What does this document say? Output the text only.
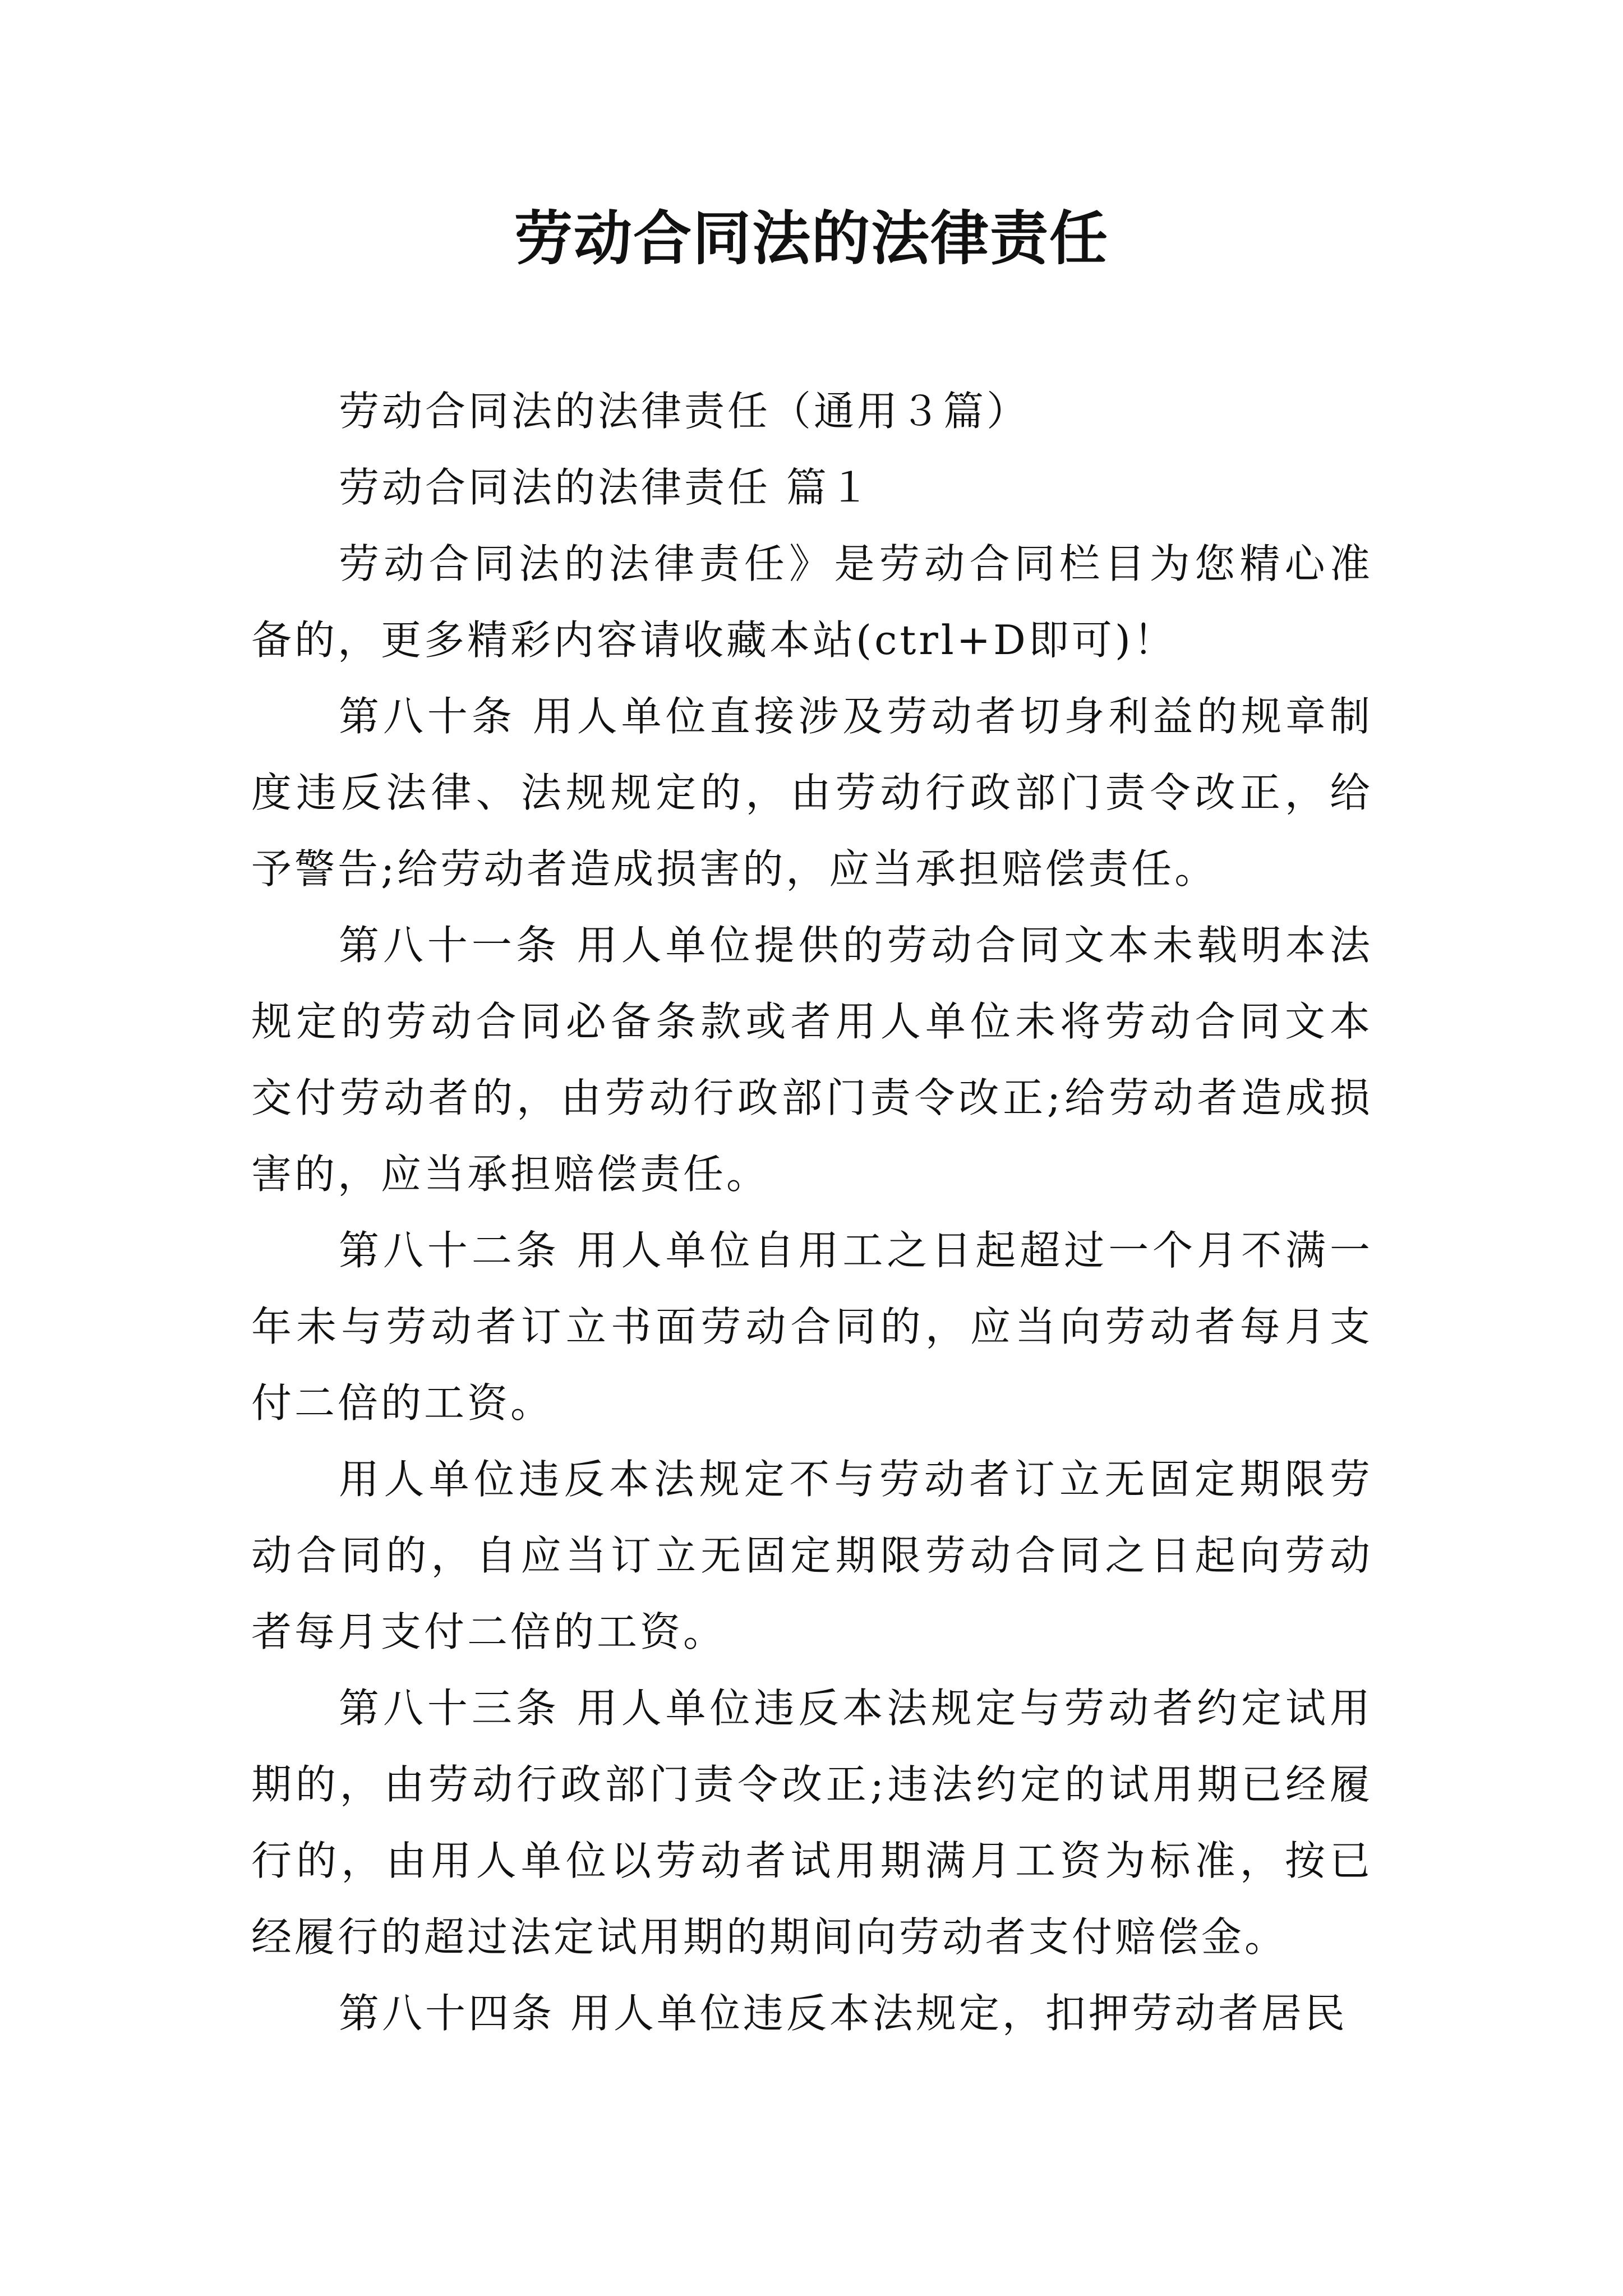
劳动合同法的法律责任

劳动合同法的法律责任（通用３篇）

劳动合同法的法律责任 篇１

劳动合同法的法律责任》是劳动合同栏目为您精心准备的，更多精彩内容请收藏本站(ctrl+D即可)！

第八十条 用人单位直接涉及劳动者切身利益的规章制度违反法律、法规规定的，由劳动行政部门责令改正，给予警告;给劳动者造成损害的，应当承担赔偿责任。

第八十一条 用人单位提供的劳动合同文本未载明本法规定的劳动合同必备条款或者用人单位未将劳动合同文本交付劳动者的，由劳动行政部门责令改正;给劳动者造成损害的，应当承担赔偿责任。

第八十二条 用人单位自用工之日起超过一个月不满一年未与劳动者订立书面劳动合同的，应当向劳动者每月支付二倍的工资。

用人单位违反本法规定不与劳动者订立无固定期限劳动合同的，自应当订立无固定期限劳动合同之日起向劳动者每月支付二倍的工资。

第八十三条 用人单位违反本法规定与劳动者约定试用期的，由劳动行政部门责令改正;违法约定的试用期已经履行的，由用人单位以劳动者试用期满月工资为标准，按已经履行的超过法定试用期的期间向劳动者支付赔偿金。

第八十四条 用人单位违反本法规定，扣押劳动者居民
